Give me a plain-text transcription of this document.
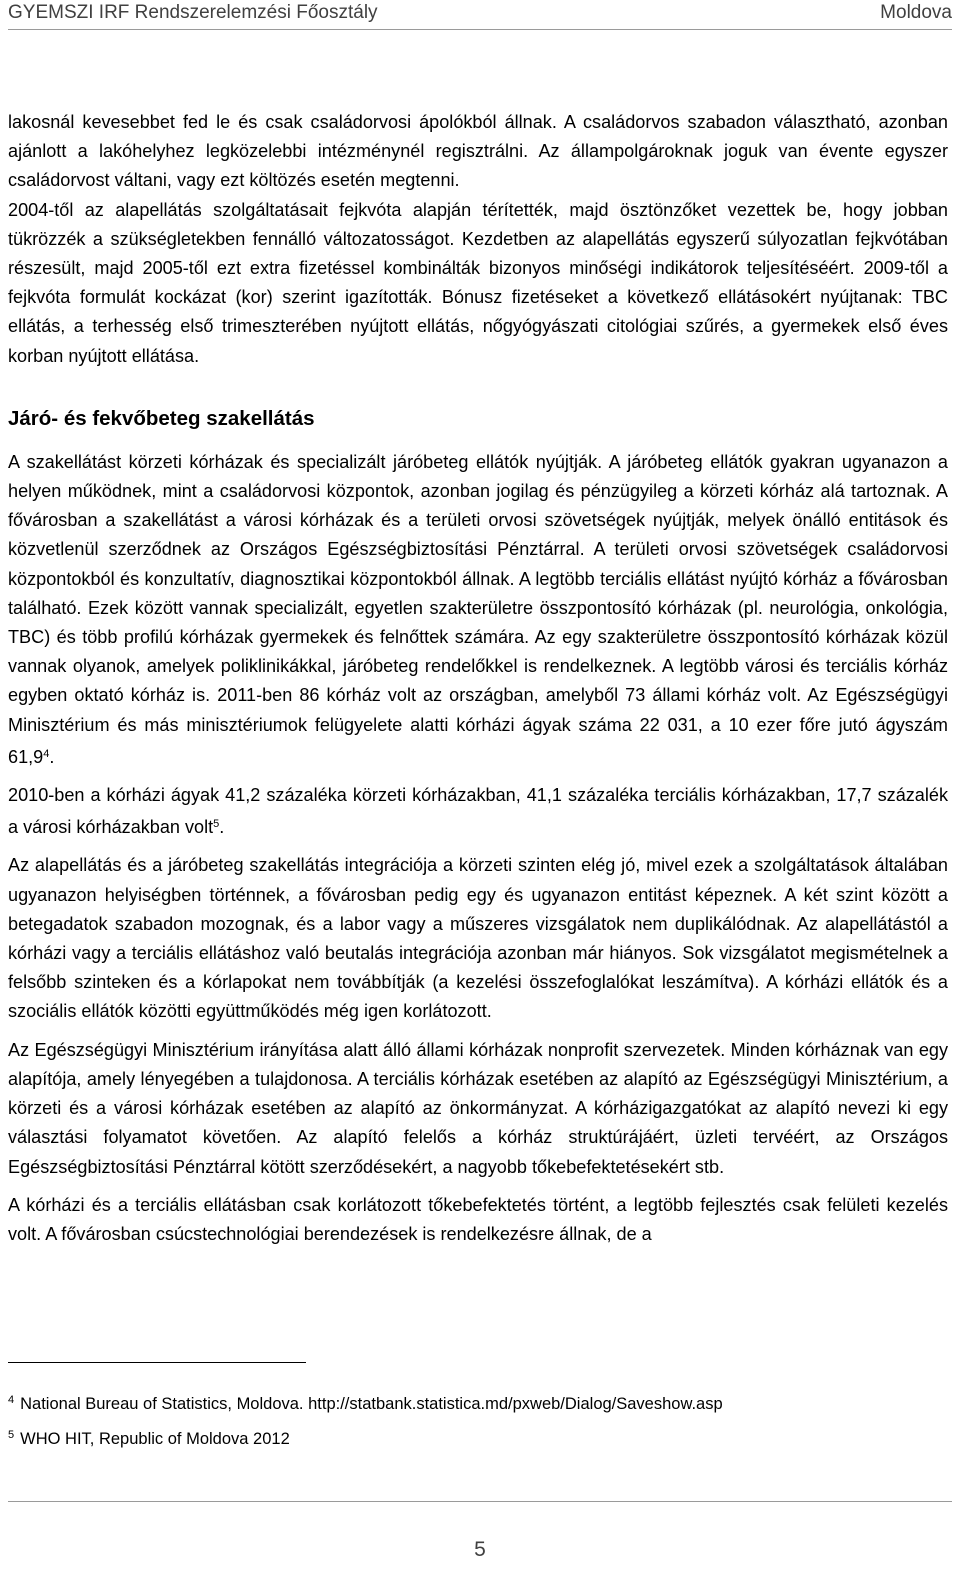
GYEMSZI IRF Rendszerelemzési Főosztály	Moldova

lakosnál kevesebbet fed le és csak családorvosi ápolókból állnak. A családorvos szabadon választható, azonban ajánlott a lakóhelyhez legközelebbi intézménynél regisztrálni. Az állampolgároknak joguk van évente egyszer családorvost váltani, vagy ezt költözés esetén megtenni.

2004-től az alapellátás szolgáltatásait fejkvóta alapján térítették, majd ösztönzőket vezettek be, hogy jobban tükrözzék a szükségletekben fennálló változatosságot. Kezdetben az alapellátás egyszerű súlyozatlan fejkvótában részesült, majd 2005-től ezt extra fizetéssel kombinálták bizonyos minőségi indikátorok teljesítéséért. 2009-től a fejkvóta formulát kockázat (kor) szerint igazították. Bónusz fizetéseket a következő ellátásokért nyújtanak: TBC ellátás, a terhesség első trimeszterében nyújtott ellátás, nőgyógyászati citológiai szűrés, a gyermekek első éves korban nyújtott ellátása.

Járó- és fekvőbeteg szakellátás

A szakellátást körzeti kórházak és specializált járóbeteg ellátók nyújtják. A járóbeteg ellátók gyakran ugyanazon a helyen működnek, mint a családorvosi központok, azonban jogilag és pénzügyileg a körzeti kórház alá tartoznak. A fővárosban a szakellátást a városi kórházak és a területi orvosi szövetségek nyújtják, melyek önálló entitások és közvetlenül szerződnek az Országos Egészségbiztosítási Pénztárral. A területi orvosi szövetségek családorvosi központokból és konzultatív, diagnosztikai központokból állnak. A legtöbb terciális ellátást nyújtó kórház a fővárosban található. Ezek között vannak specializált, egyetlen szakterületre összpontosító kórházak (pl. neurológia, onkológia, TBC) és több profilú kórházak gyermekek és felnőttek számára. Az egy szakterületre összpontosító kórházak közül vannak olyanok, amelyek poliklinikákkal, járóbeteg rendelőkkel is rendelkeznek. A legtöbb városi és terciális kórház egyben oktató kórház is. 2011-ben 86 kórház volt az országban, amelyből 73 állami kórház volt. Az Egészségügyi Minisztérium és más minisztériumok felügyelete alatti kórházi ágyak száma 22 031, a 10 ezer főre jutó ágyszám 61,9$^4$.

2010-ben a kórházi ágyak 41,2 százaléka körzeti kórházakban, 41,1 százaléka terciális kórházakban, 17,7 százalék a városi kórházakban volt$^5$.

Az alapellátás és a járóbeteg szakellátás integrációja a körzeti szinten elég jó, mivel ezek a szolgáltatások általában ugyanazon helyiségben történnek, a fővárosban pedig egy és ugyanazon entitást képeznek. A két szint között a betegadatok szabadon mozognak, és a labor vagy a műszeres vizsgálatok nem duplikálódnak. Az alapellátástól a kórházi vagy a terciális ellátáshoz való beutalás integrációja azonban már hiányos. Sok vizsgálatot megismételnek a felsőbb szinteken és a kórlapokat nem továbbítják (a kezelési összefoglalókat leszámítva). A kórházi ellátók és a szociális ellátók közötti együttműködés még igen korlátozott.

Az Egészségügyi Minisztérium irányítása alatt álló állami kórházak nonprofit szervezetek. Minden kórháznak van egy alapítója, amely lényegében a tulajdonosa. A terciális kórházak esetében az alapító az Egészségügyi Minisztérium, a körzeti és a városi kórházak esetében az alapító az önkormányzat. A kórházigazgatókat az alapító nevezi ki egy választási folyamatot követően. Az alapító felelős a kórház struktúrájáért, üzleti tervéért, az Országos Egészségbiztosítási Pénztárral kötött szerződésekért, a nagyobb tőkebefektetésekért stb.

A kórházi és a terciális ellátásban csak korlátozott tőkebefektetés történt, a legtöbb fejlesztés csak felületi kezelés volt. A fővárosban csúcstechnológiai berendezések is rendelkezésre állnak, de a

$^4$ National Bureau of Statistics, Moldova. http://statbank.statistica.md/pxweb/Dialog/Saveshow.asp
$^5$ WHO HIT, Republic of Moldova 2012
5
